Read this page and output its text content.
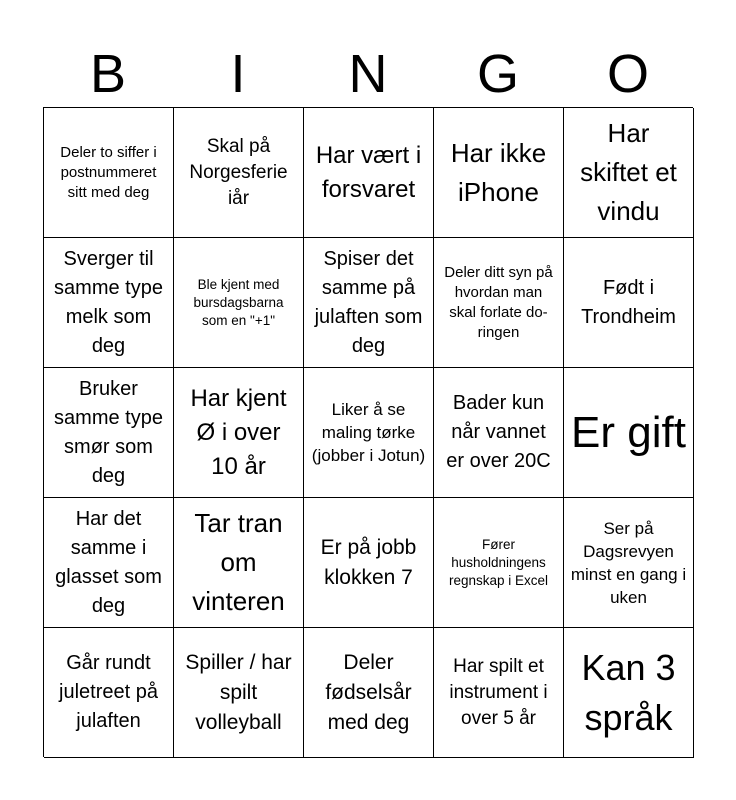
B	I	N	G	O
Deler to siffer i postnummeret sitt med deg
Skal på Norgesferie iår
Har vært i forsvaret
Har ikke iPhone
Har skiftet et vindu
Sverger til samme type melk som deg
Ble kjent med bursdagsbarna som en "+1"
Spiser det samme på julaften som deg
Deler ditt syn på hvordan man skal forlate do-ringen
Født i Trondheim
Bruker samme type smør som deg
Har kjent Ø i over 10 år
Liker å se maling tørke (jobber i Jotun)
Bader kun når vannet er over 20C
Er gift
Har det samme i glasset som deg
Tar tran om vinteren
Er på jobb klokken 7
Fører husholdningens regnskap i Excel
Ser på Dagsrevyen minst en gang i uken
Går rundt juletreet på julaften
Spiller / har spilt volleyball
Deler fødselsår med deg
Har spilt et instrument i over 5 år
Kan 3 språk
